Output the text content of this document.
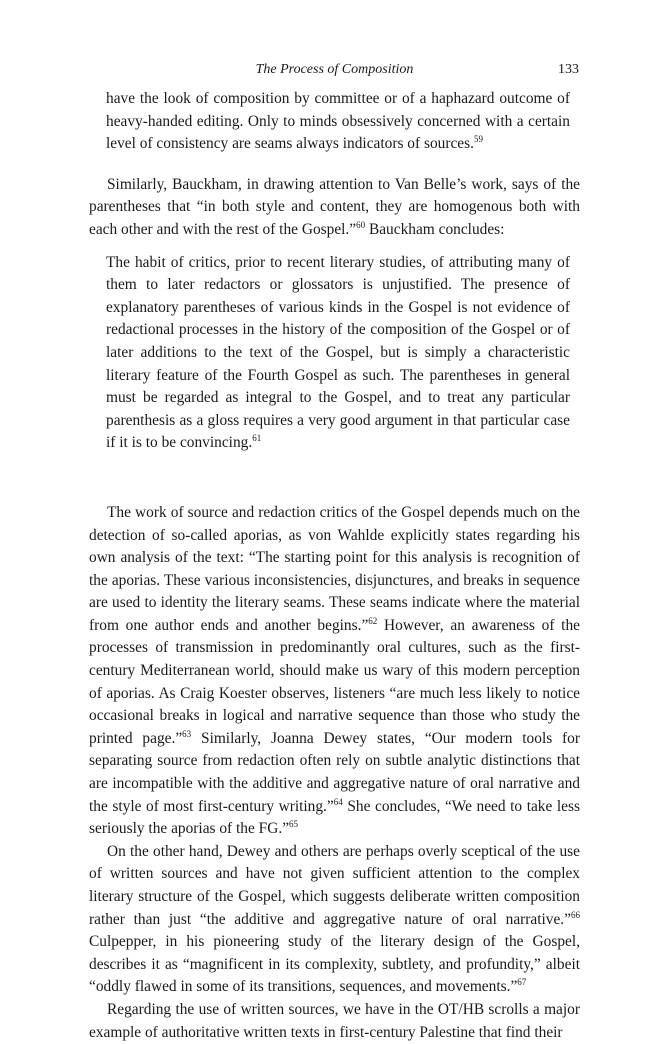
The Process of Composition	133

have the look of composition by committee or of a haphazard outcome of heavy-handed editing. Only to minds obsessively concerned with a certain level of consistency are seams always indicators of sources.$^{59}$

Similarly, Bauckham, in drawing attention to Van Belle’s work, says of the parentheses that “in both style and content, they are homogenous both with each other and with the rest of the Gospel.”$^{60}$ Bauckham concludes:

The habit of critics, prior to recent literary studies, of attributing many of them to later redactors or glossators is unjustified. The presence of explanatory parentheses of various kinds in the Gospel is not evidence of redactional processes in the history of the composition of the Gospel or of later additions to the text of the Gospel, but is simply a characteristic literary feature of the Fourth Gospel as such. The parentheses in general must be regarded as integral to the Gospel, and to treat any particular parenthesis as a gloss requires a very good argument in that particular case if it is to be convincing.$^{61}$

The work of source and redaction critics of the Gospel depends much on the detection of so-called aporias, as von Wahlde explicitly states regarding his own analysis of the text: “The starting point for this analysis is recognition of the aporias. These various inconsistencies, disjunctures, and breaks in sequence are used to identity the literary seams. These seams indicate where the material from one author ends and another begins.”$^{62}$ However, an awareness of the processes of transmission in predominantly oral cultures, such as the first-century Mediterranean world, should make us wary of this modern perception of aporias. As Craig Koester observes, listeners “are much less likely to notice occasional breaks in logical and narrative sequence than those who study the printed page.”$^{63}$ Similarly, Joanna Dewey states, “Our modern tools for separating source from redaction often rely on subtle analytic distinctions that are incompatible with the additive and aggregative nature of oral narrative and the style of most first-century writing.”$^{64}$ She concludes, “We need to take less seriously the aporias of the FG.”$^{65}$

On the other hand, Dewey and others are perhaps overly sceptical of the use of written sources and have not given sufficient attention to the complex literary structure of the Gospel, which suggests deliberate written composition rather than just “the additive and aggregative nature of oral narrative.”$^{66}$ Culpepper, in his pioneering study of the literary design of the Gospel, describes it as “magnificent in its complexity, subtlety, and profundity,” albeit “oddly flawed in some of its transitions, sequences, and movements.”$^{67}$

Regarding the use of written sources, we have in the OT/HB scrolls a major example of authoritative written texts in first-century Palestine that find their
